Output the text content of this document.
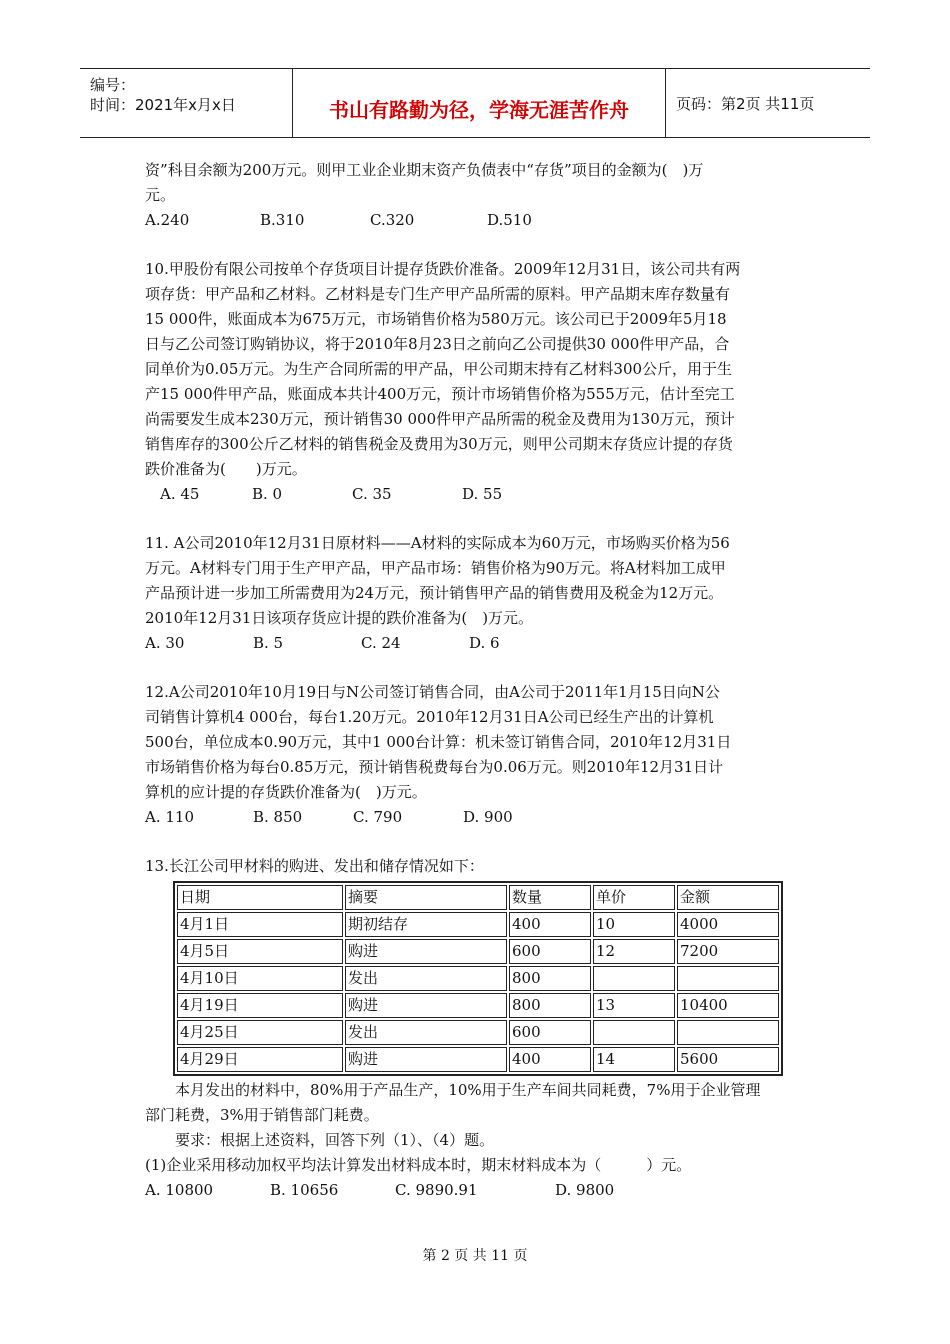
编号：
时间：2021年x月x日	书山有路勤为径，学海无涯苦作舟	页码：第2页 共11页

资”科目余额为200万元。则甲工业企业期末资产负债表中“存货”项目的金额为(　)万

元。

A.240	B.310	C.320	D.510

10.甲股份有限公司按单个存货项目计提存货跌价准备。2009年12月31日，该公司共有两

项存货：甲产品和乙材料。乙材料是专门生产甲产品所需的原料。甲产品期末库存数量有

15 000件，账面成本为675万元，市场销售价格为580万元。该公司已于2009年5月18

日与乙公司签订购销协议，将于2010年8月23日之前向乙公司提供30 000件甲产品，合

同单价为0.05万元。为生产合同所需的甲产品，甲公司期末持有乙材料300公斤，用于生

产15 000件甲产品，账面成本共计400万元，预计市场销售价格为555万元，估计至完工

尚需要发生成本230万元，预计销售30 000件甲产品所需的税金及费用为130万元，预计

销售库存的300公斤乙材料的销售税金及费用为30万元，则甲公司期末存货应计提的存货

跌价准备为(　　)万元。

A. 45	B. 0	C. 35	D. 55

11. A公司2010年12月31日原材料——A材料的实际成本为60万元，市场购买价格为56

万元。A材料专门用于生产甲产品，甲产品市场：销售价格为90万元。将A材料加工成甲

产品预计进一步加工所需费用为24万元，预计销售甲产品的销售费用及税金为12万元。

2010年12月31日该项存货应计提的跌价准备为(　)万元。

A. 30	B. 5	C. 24	D. 6

12.A公司2010年10月19日与N公司签订销售合同，由A公司于2011年1月15日向N公

司销售计算机4 000台，每台1.20万元。2010年12月31日A公司已经生产出的计算机

500台，单位成本0.90万元，其中1 000台计算：机未签订销售合同，2010年12月31日

市场销售价格为每台0.85万元，预计销售税费每台为0.06万元。则2010年12月31日计

算机的应计提的存货跌价准备为(　)万元。

A. 110	B. 850	C. 790	D. 900

13.长江公司甲材料的购进、发出和储存情况如下：

日期	摘要	数量	单价	金额
4月1日	期初结存	400	10	4000
4月5日	购进	600	12	7200
4月10日	发出	800		
4月19日	购进	800	13	10400
4月25日	发出	600		
4月29日	购进	400	14	5600

本月发出的材料中，80%用于产品生产，10%用于生产车间共同耗费，7%用于企业管理

部门耗费，3%用于销售部门耗费。

要求：根据上述资料，回答下列（1）、（4）题。

(1)企业采用移动加权平均法计算发出材料成本时，期末材料成本为（　　　）元。

A. 10800	B. 10656	C. 9890.91	D. 9800
第 2 页 共 11 页
